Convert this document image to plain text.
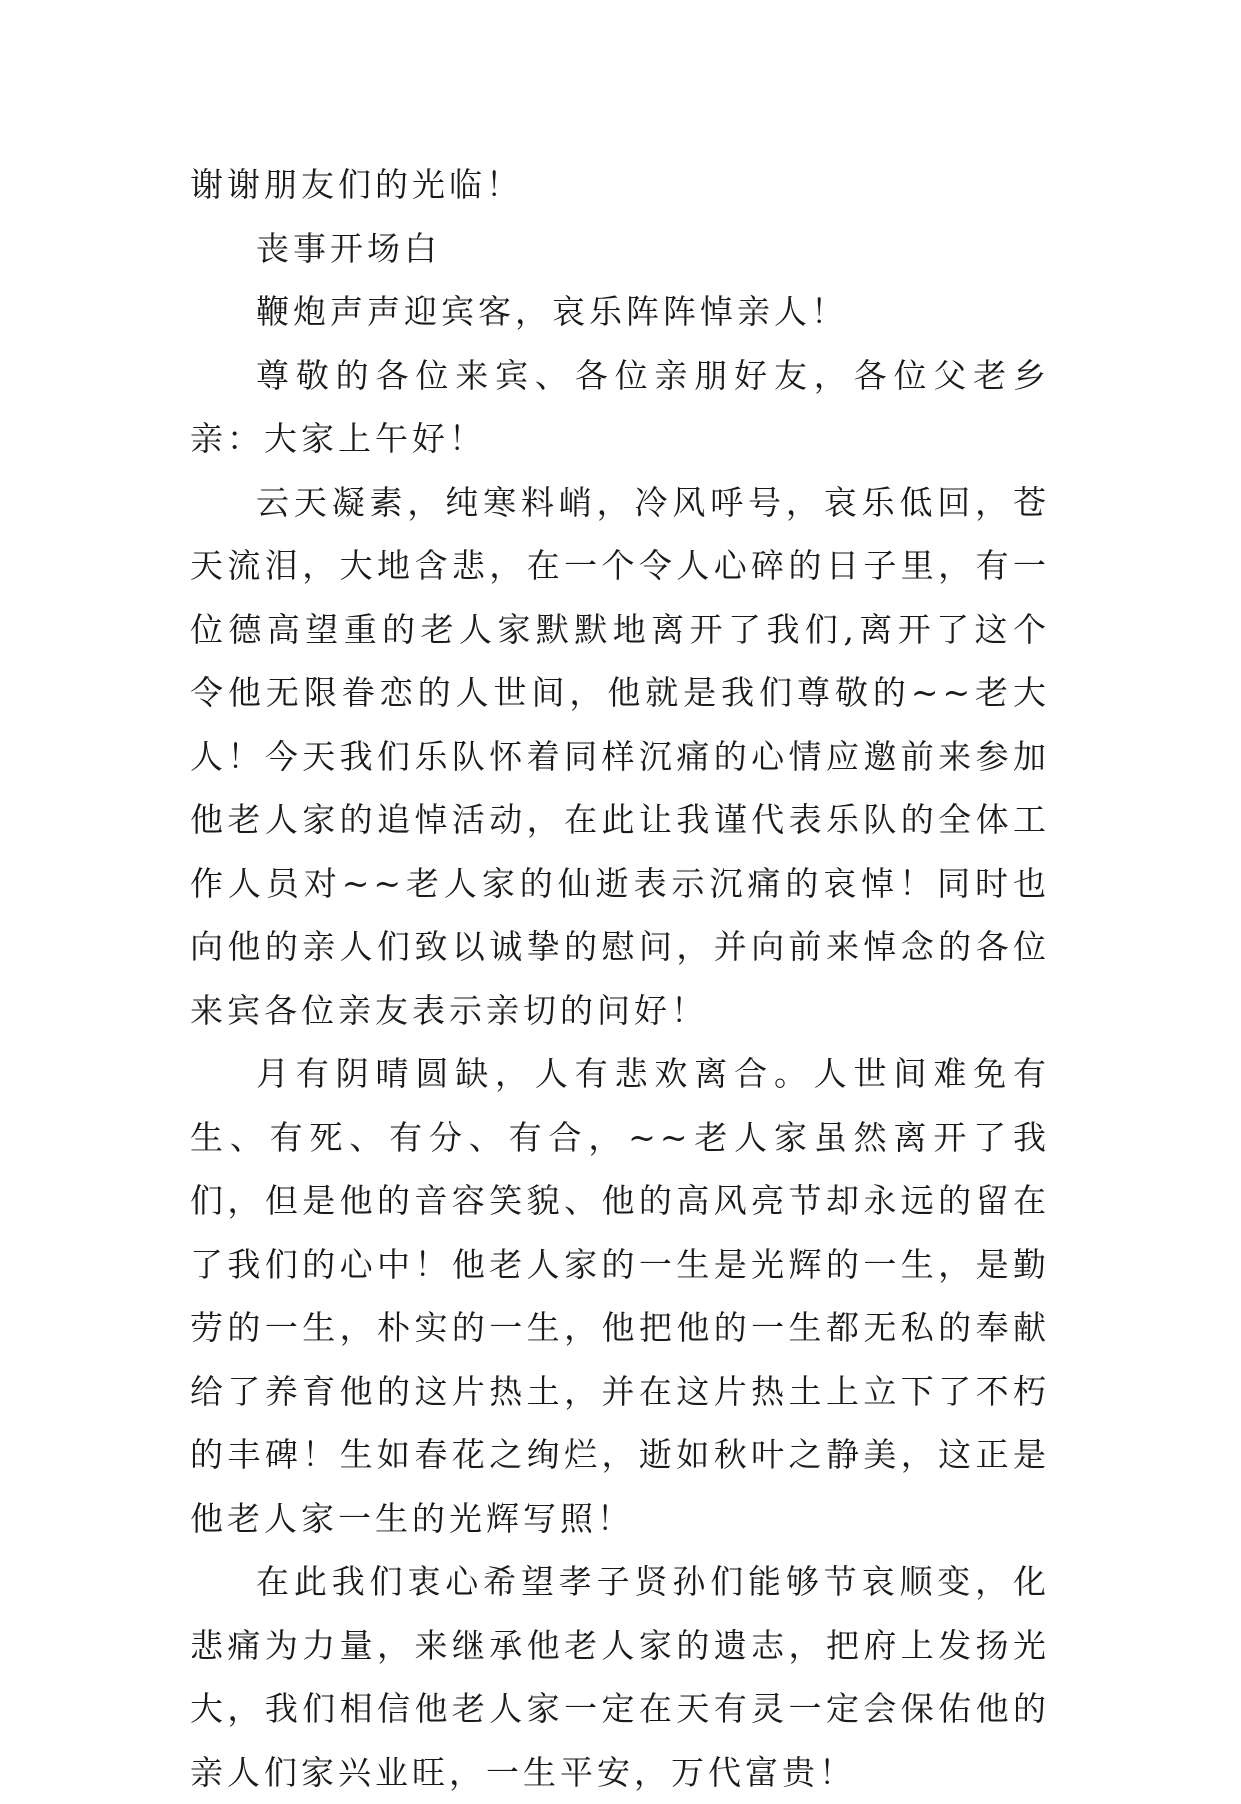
谢谢朋友们的光临！

丧事开场白

鞭炮声声迎宾客，哀乐阵阵悼亲人！

尊敬的各位来宾、各位亲朋好友，各位父老乡亲：大家上午好！

云天凝素，纯寒料峭，冷风呼号，哀乐低回，苍天流泪，大地含悲，在一个令人心碎的日子里，有一位德高望重的老人家默默地离开了我们,离开了这个令他无限眷恋的人世间，他就是我们尊敬的~~老大人！今天我们乐队怀着同样沉痛的心情应邀前来参加他老人家的追悼活动，在此让我谨代表乐队的全体工作人员对~~老人家的仙逝表示沉痛的哀悼！同时也向他的亲人们致以诚挚的慰问，并向前来悼念的各位来宾各位亲友表示亲切的问好！

月有阴晴圆缺，人有悲欢离合。人世间难免有生、有死、有分、有合，~~老人家虽然离开了我们，但是他的音容笑貌、他的高风亮节却永远的留在了我们的心中！他老人家的一生是光辉的一生，是勤劳的一生，朴实的一生，他把他的一生都无私的奉献给了养育他的这片热土，并在这片热土上立下了不朽的丰碑！生如春花之绚烂，逝如秋叶之静美，这正是他老人家一生的光辉写照！

在此我们衷心希望孝子贤孙们能够节哀顺变，化悲痛为力量，来继承他老人家的遗志，把府上发扬光大，我们相信他老人家一定在天有灵一定会保佑他的亲人们家兴业旺，一生平安，万代富贵！
